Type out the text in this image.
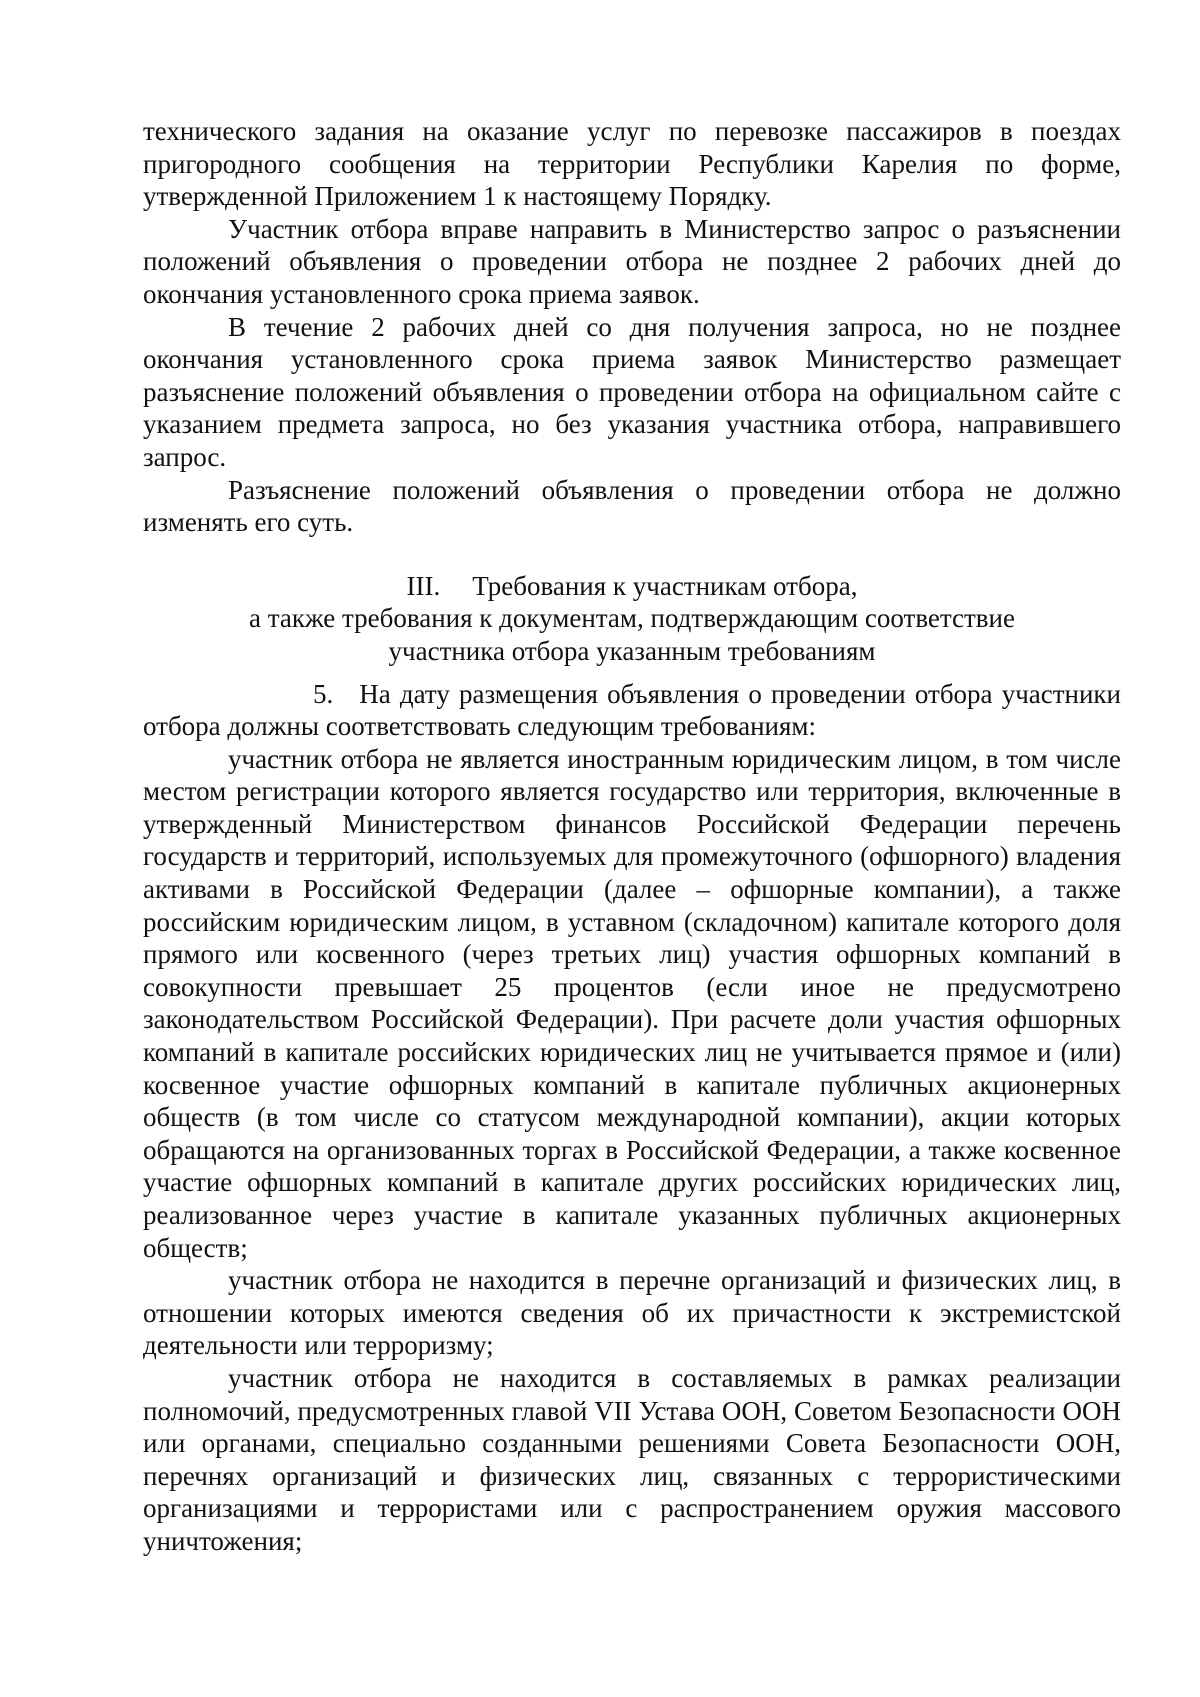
технического задания на оказание услуг по перевозке пассажиров в поездах пригородного сообщения на территории Республики Карелия по форме, утвержденной Приложением 1 к настоящему Порядку.

Участник отбора вправе направить в Министерство запрос о разъяснении положений объявления о проведении отбора не позднее 2 рабочих дней до окончания установленного срока приема заявок.

В течение 2 рабочих дней со дня получения запроса, но не позднее окончания установленного срока приема заявок Министерство размещает разъяснение положений объявления о проведении отбора на официальном сайте с указанием предмета запроса, но без указания участника отбора, направившего запрос.

Разъяснение положений объявления о проведении отбора не должно изменять его суть.

III. Требования к участникам отбора,
а также требования к документам, подтверждающим соответствие
участника отбора указанным требованиям

5. На дату размещения объявления о проведении отбора участники отбора должны соответствовать следующим требованиям:

участник отбора не является иностранным юридическим лицом, в том числе местом регистрации которого является государство или территория, включенные в утвержденный Министерством финансов Российской Федерации перечень государств и территорий, используемых для промежуточного (офшорного) владения активами в Российской Федерации (далее – офшорные компании), а также российским юридическим лицом, в уставном (складочном) капитале которого доля прямого или косвенного (через третьих лиц) участия офшорных компаний в совокупности превышает 25 процентов (если иное не предусмотрено законодательством Российской Федерации). При расчете доли участия офшорных компаний в капитале российских юридических лиц не учитывается прямое и (или) косвенное участие офшорных компаний в капитале публичных акционерных обществ (в том числе со статусом международной компании), акции которых обращаются на организованных торгах в Российской Федерации, а также косвенное участие офшорных компаний в капитале других российских юридических лиц, реализованное через участие в капитале указанных публичных акционерных обществ;

участник отбора не находится в перечне организаций и физических лиц, в отношении которых имеются сведения об их причастности к экстремистской деятельности или терроризму;

участник отбора не находится в составляемых в рамках реализации полномочий, предусмотренных главой VII Устава ООН, Советом Безопасности ООН или органами, специально созданными решениями Совета Безопасности ООН, перечнях организаций и физических лиц, связанных с террористическими организациями и террористами или с распространением оружия массового уничтожения;
